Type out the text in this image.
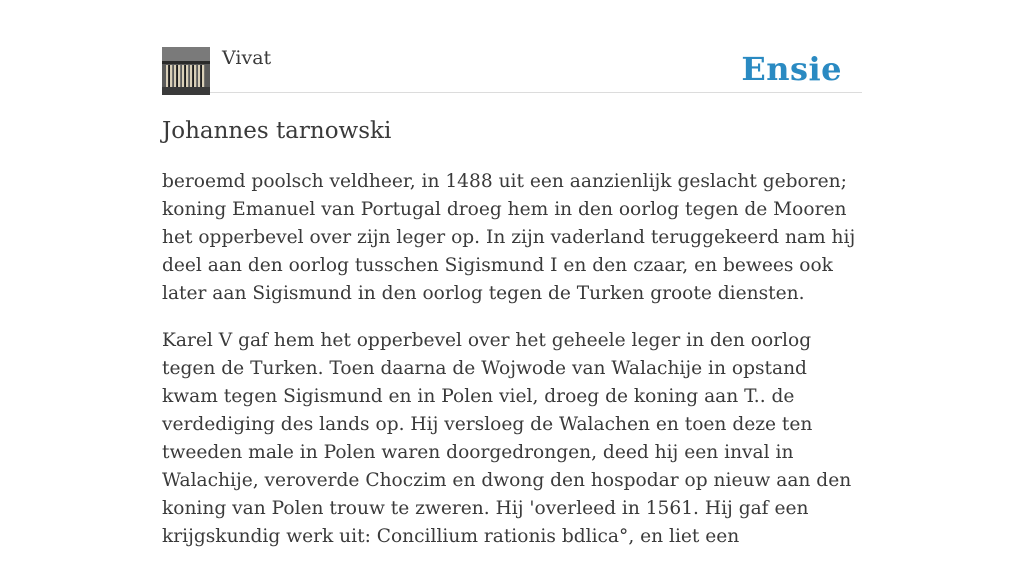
Vivat	Ensie
Johannes tarnowski

beroemd poolsch veldheer, in 1488 uit een aanzienlijk geslacht geboren; koning Emanuel van Portugal droeg hem in den oorlog tegen de Mooren het opperbevel over zijn leger op. In zijn vaderland teruggekeerd nam hij deel aan den oorlog tusschen Sigismund I en den czaar, en bewees ook later aan Sigismund in den oorlog tegen de Turken groote diensten.

Karel V gaf hem het opperbevel over het geheele leger in den oorlog tegen de Turken. Toen daarna de Wojwode van Walachije in opstand kwam tegen Sigismund en in Polen viel, droeg de koning aan T.. de verdediging des lands op. Hij versloeg de Walachen en toen deze ten tweeden male in Polen waren doorgedrongen, deed hij een inval in Walachije, veroverde Choczim en dwong den hospodar op nieuw aan den koning van Polen trouw te zweren. Hij 'overleed in 1561. Hij gaf een krijgskundig werk uit: Concillium rationis bdlica°, en liet een
